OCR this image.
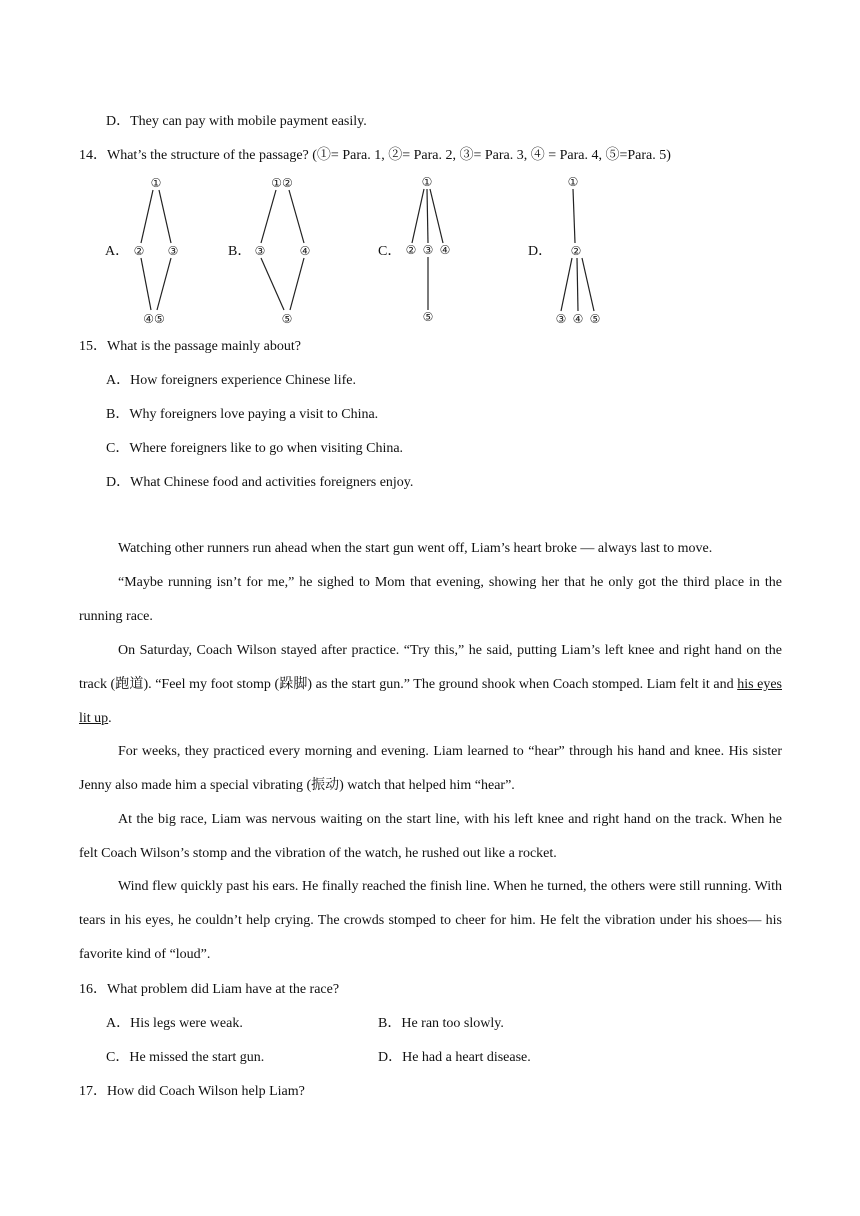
D．They can pay with mobile payment easily.
14．What’s the structure of the passage? (①= Para. 1, ②= Para. 2, ③= Para. 3, ④ = Para. 4, ⑤=Para. 5)
A．	B．	C．	D．
①
② ③
④⑤
①②
③	④
⑤
①
② ③ ④
⑤
①
②
③ ④ ⑤
15．What is the passage mainly about?
A．How foreigners experience Chinese life.
B．Why foreigners love paying a visit to China.
C．Where foreigners like to go when visiting China.
D．What Chinese food and activities foreigners enjoy.
Watching other runners run ahead when the start gun went off, Liam’s heart broke — always last to move.
“Maybe running isn’t for me,” he sighed to Mom that evening, showing her that he only got the third place in the running race.
On Saturday, Coach Wilson stayed after practice. “Try this,” he said, putting Liam’s left knee and right hand on the track (跑道). “Feel my foot stomp (跺脚) as the start gun.” The ground shook when Coach stomped. Liam felt it and his eyes lit up.
For weeks, they practiced every morning and evening. Liam learned to “hear” through his hand and knee. His sister Jenny also made him a special vibrating (振动) watch that helped him “hear”.
At the big race, Liam was nervous waiting on the start line, with his left knee and right hand on the track. When he felt Coach Wilson’s stomp and the vibration of the watch, he rushed out like a rocket.
Wind flew quickly past his ears. He finally reached the finish line. When he turned, the others were still running. With tears in his eyes, he couldn’t help crying. The crowds stomped to cheer for him. He felt the vibration under his shoes— his favorite kind of “loud”.
16．What problem did Liam have at the race?
A．His legs were weak.	B．He ran too slowly.
C．He missed the start gun.	D．He had a heart disease.
17．How did Coach Wilson help Liam?
